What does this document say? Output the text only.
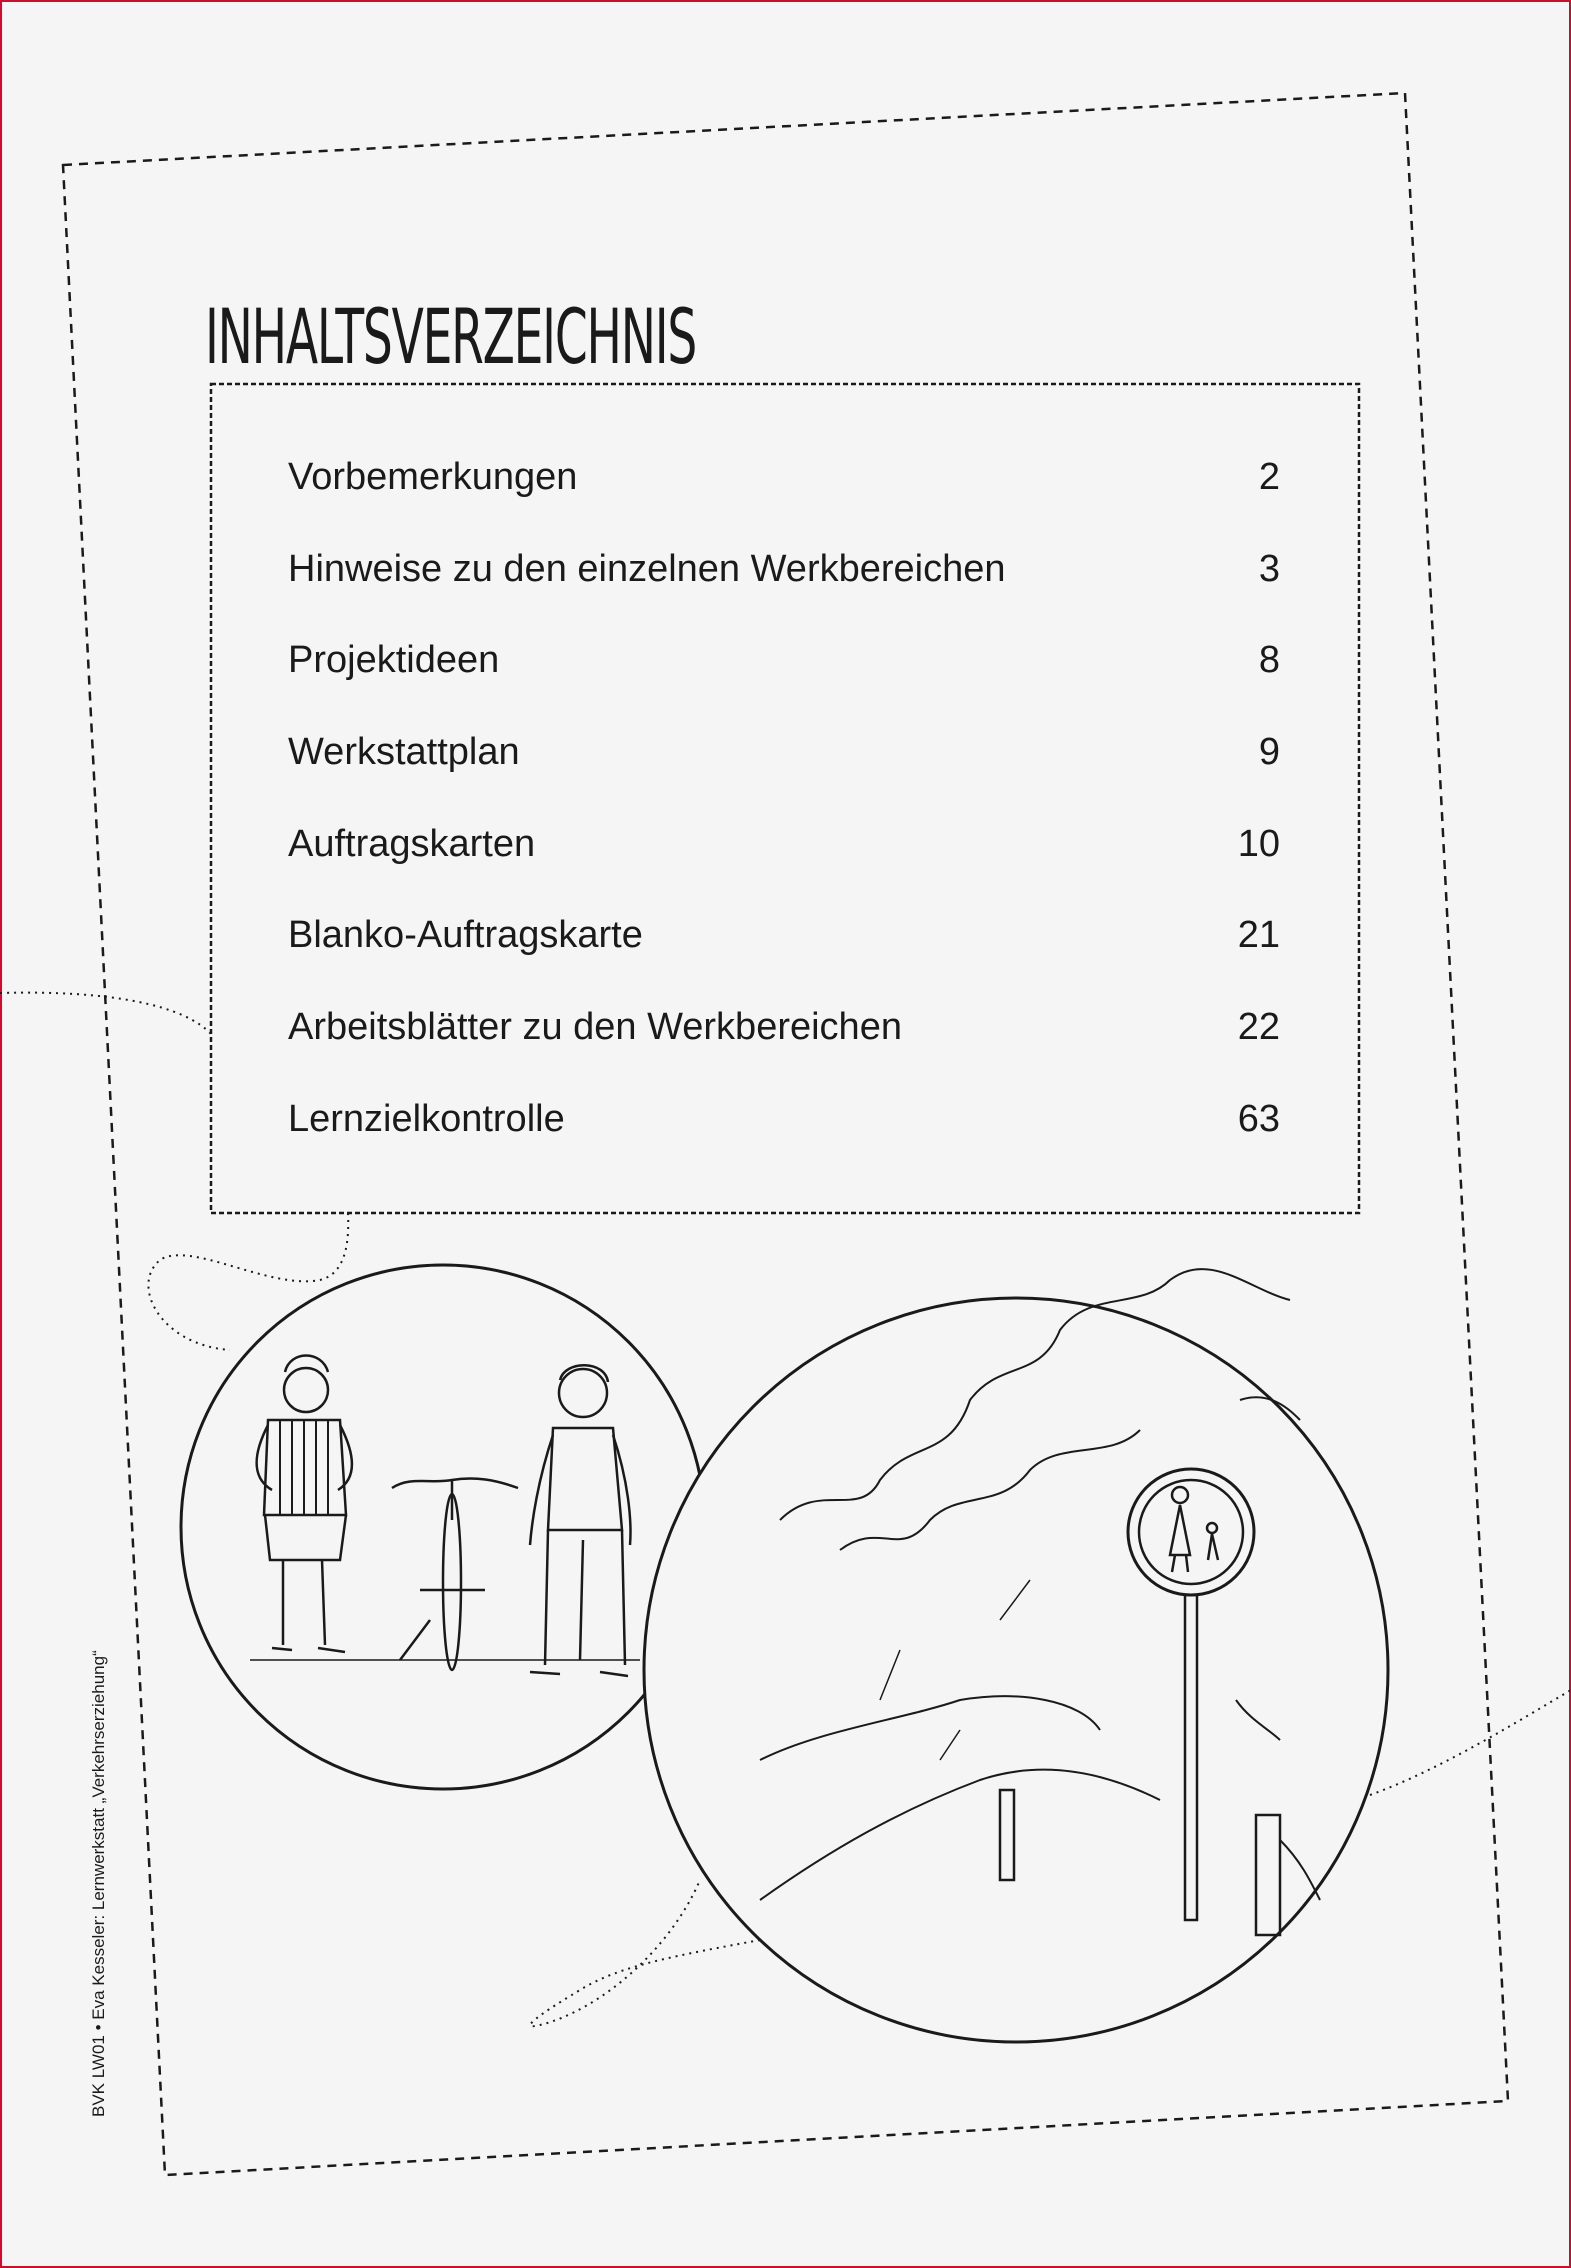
INHALTSVERZEICHNIS
Vorbemerkungen	2
Hinweise zu den einzelnen Werkbereichen	3
Projektideen	8
Werkstattplan	9
Auftragskarten	10
Blanko-Auftragskarte	21
Arbeitsblätter zu den Werkbereichen	22
Lernzielkontrolle	63

BVK LW01 • Eva Kesseler: Lernwerkstatt „Verkehrserziehung“
